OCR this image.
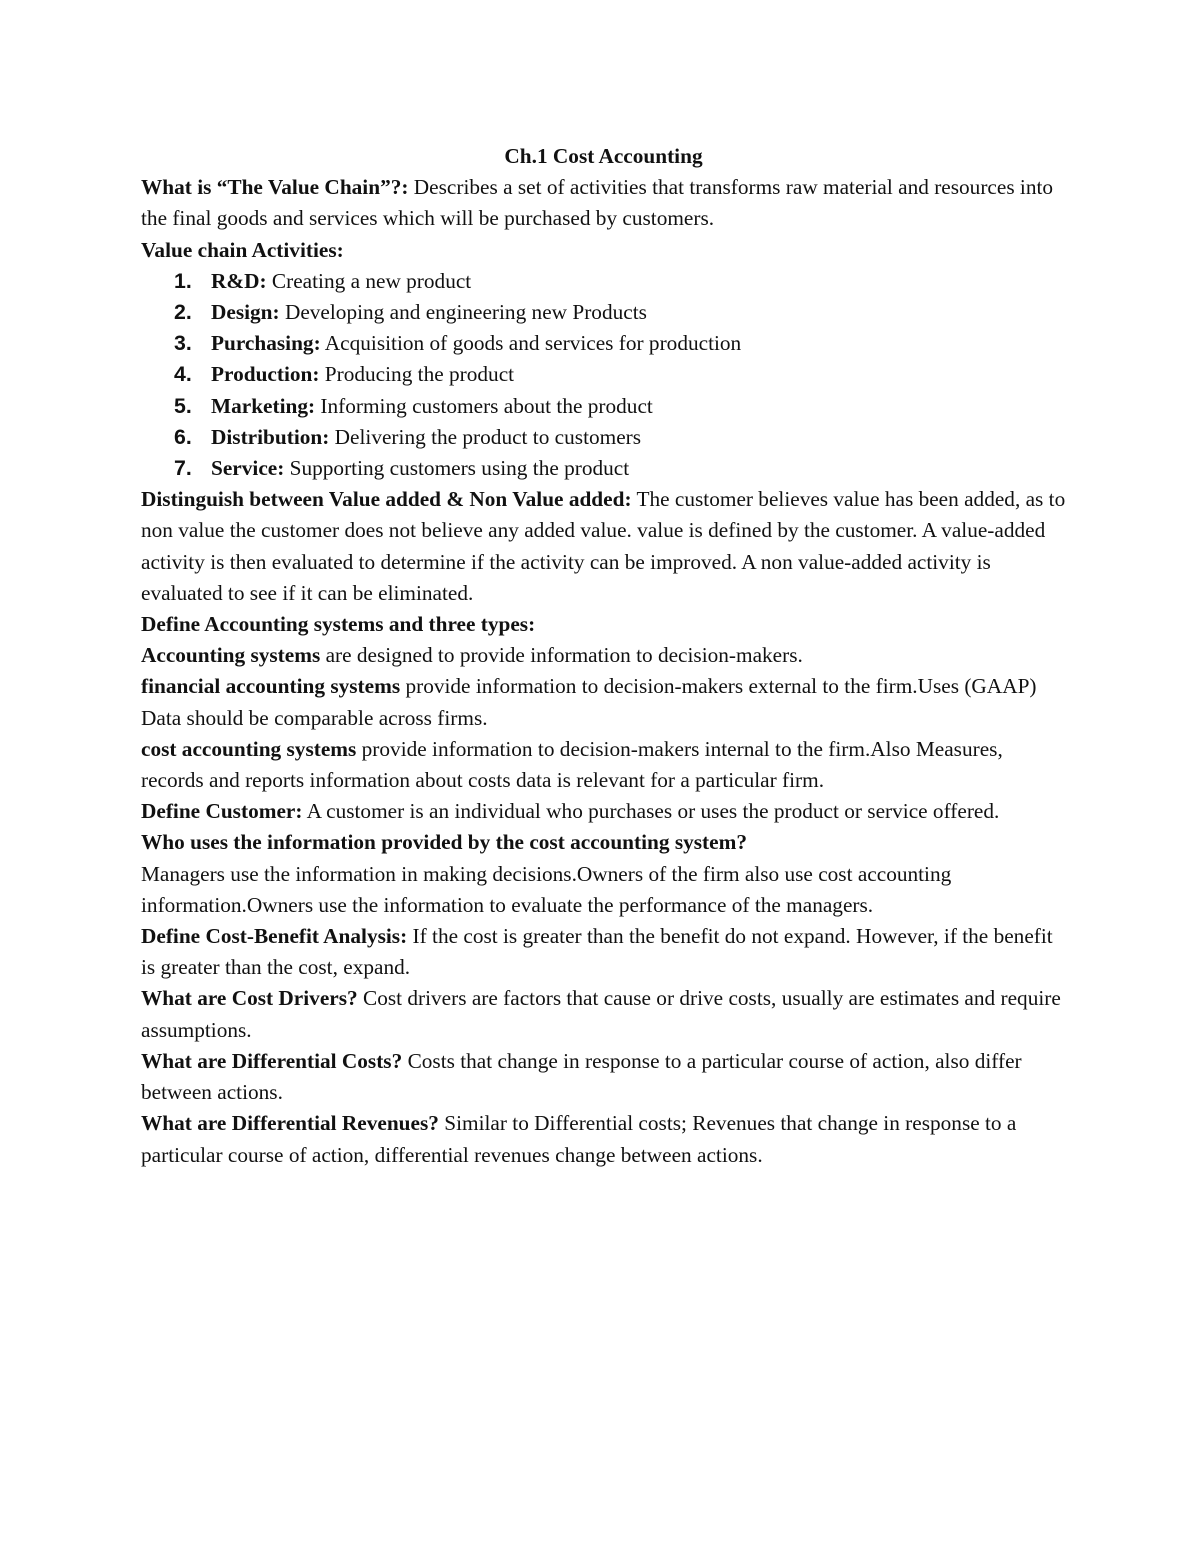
Ch.1 Cost Accounting

What is “The Value Chain”?: Describes a set of activities that transforms raw material and resources into the final goods and services which will be purchased by customers.

Value chain Activities:
1. R&D: Creating a new product
2. Design: Developing and engineering new Products
3. Purchasing: Acquisition of goods and services for production
4. Production: Producing the product
5. Marketing: Informing customers about the product
6. Distribution: Delivering the product to customers
7. Service: Supporting customers using the product

Distinguish between Value added & Non Value added: The customer believes value has been added, as to non value the customer does not believe any added value. value is defined by the customer. A value-added activity is then evaluated to determine if the activity can be improved. A non value-added activity is evaluated to see if it can be eliminated.

Define Accounting systems and three types:

Accounting systems are designed to provide information to decision-makers.

financial accounting systems provide information to decision-makers external to the firm.Uses (GAAP) Data should be comparable across firms.

cost accounting systems provide information to decision-makers internal to the firm.Also Measures, records and reports information about costs data is relevant for a particular firm.

Define Customer: A customer is an individual who purchases or uses the product or service offered.

Who uses the information provided by the cost accounting system?

Managers use the information in making decisions.Owners of the firm also use cost accounting information.Owners use the information to evaluate the performance of the managers.

Define Cost-Benefit Analysis: If the cost is greater than the benefit do not expand. However, if the benefit is greater than the cost, expand.

What are Cost Drivers? Cost drivers are factors that cause or drive costs, usually are estimates and require assumptions.

What are Differential Costs? Costs that change in response to a particular course of action, also differ between actions.

What are Differential Revenues? Similar to Differential costs; Revenues that change in response to a particular course of action, differential revenues change between actions.
